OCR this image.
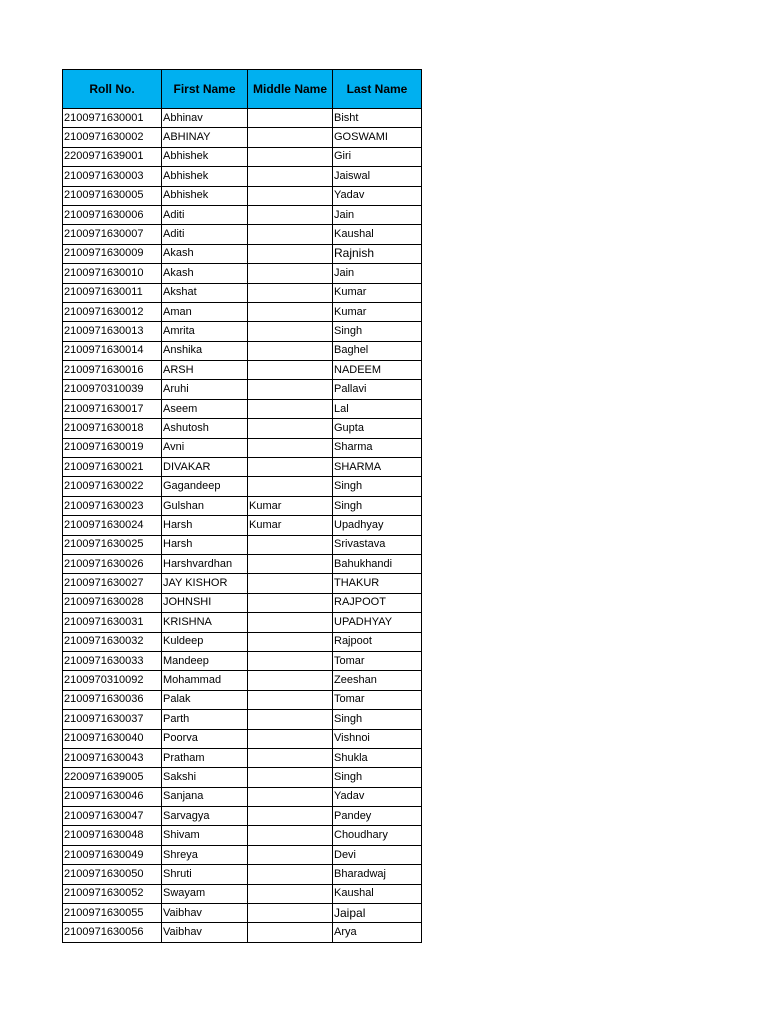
Roll No.	First Name	Middle Name	Last Name
2100971630001	Abhinav		Bisht
2100971630002	ABHINAY		GOSWAMI
2200971639001	Abhishek		Giri
2100971630003	Abhishek		Jaiswal
2100971630005	Abhishek		Yadav
2100971630006	Aditi		Jain
2100971630007	Aditi		Kaushal
2100971630009	Akash		Rajnish
2100971630010	Akash		Jain
2100971630011	Akshat		Kumar
2100971630012	Aman		Kumar
2100971630013	Amrita		Singh
2100971630014	Anshika		Baghel
2100971630016	ARSH		NADEEM
2100970310039	Aruhi		Pallavi
2100971630017	Aseem		Lal
2100971630018	Ashutosh		Gupta
2100971630019	Avni		Sharma
2100971630021	DIVAKAR		SHARMA
2100971630022	Gagandeep		Singh
2100971630023	Gulshan	Kumar	Singh
2100971630024	Harsh	Kumar	Upadhyay
2100971630025	Harsh		Srivastava
2100971630026	Harshvardhan		Bahukhandi
2100971630027	JAY KISHOR		THAKUR
2100971630028	JOHNSHI		RAJPOOT
2100971630031	KRISHNA		UPADHYAY
2100971630032	Kuldeep		Rajpoot
2100971630033	Mandeep		Tomar
2100970310092	Mohammad		Zeeshan
2100971630036	Palak		Tomar
2100971630037	Parth		Singh
2100971630040	Poorva		Vishnoi
2100971630043	Pratham		Shukla
2200971639005	Sakshi		Singh
2100971630046	Sanjana		Yadav
2100971630047	Sarvagya		Pandey
2100971630048	Shivam		Choudhary
2100971630049	Shreya		Devi
2100971630050	Shruti		Bharadwaj
2100971630052	Swayam		Kaushal
2100971630055	Vaibhav		Jaipal
2100971630056	Vaibhav		Arya
